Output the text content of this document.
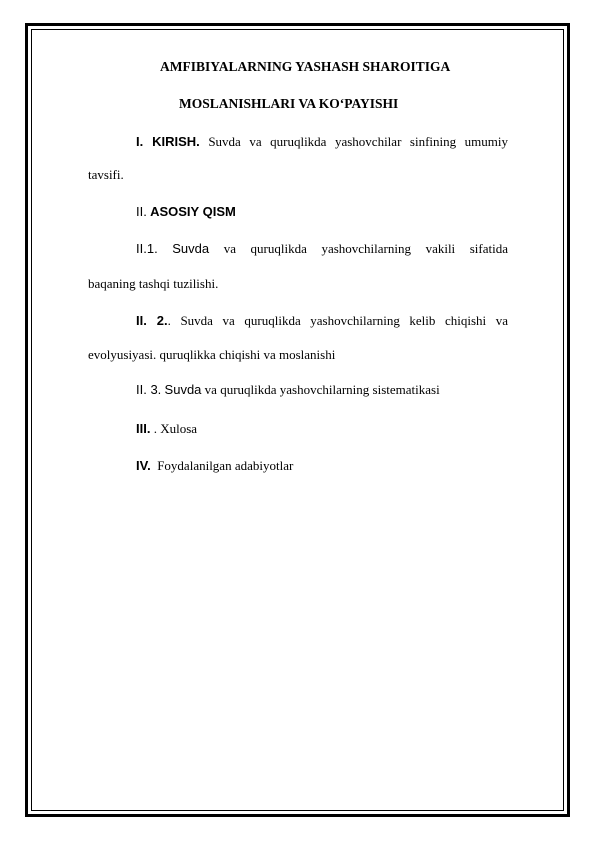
AMFIBIYALARNING YASHASH SHAROITIGA
MOSLANISHLARI VA KO‘PAYISHI
I. KIRISH. Suvda va quruqlikda yashovchilar sinfining umumiy
tavsifi.
II. ASOSIY QISM
II.1. Suvda va quruqlikda yashovchilarning vakili sifatida
baqaning tashqi tuzilishi.
II. 2.. Suvda va quruqlikda yashovchilarning kelib chiqishi va
evolyusiyasi. quruqlikka chiqishi va moslanishi
II. 3. Suvda va quruqlikda yashovchilarning sistematikasi
III. . Xulosa
IV. Foydalanilgan adabiyotlar
